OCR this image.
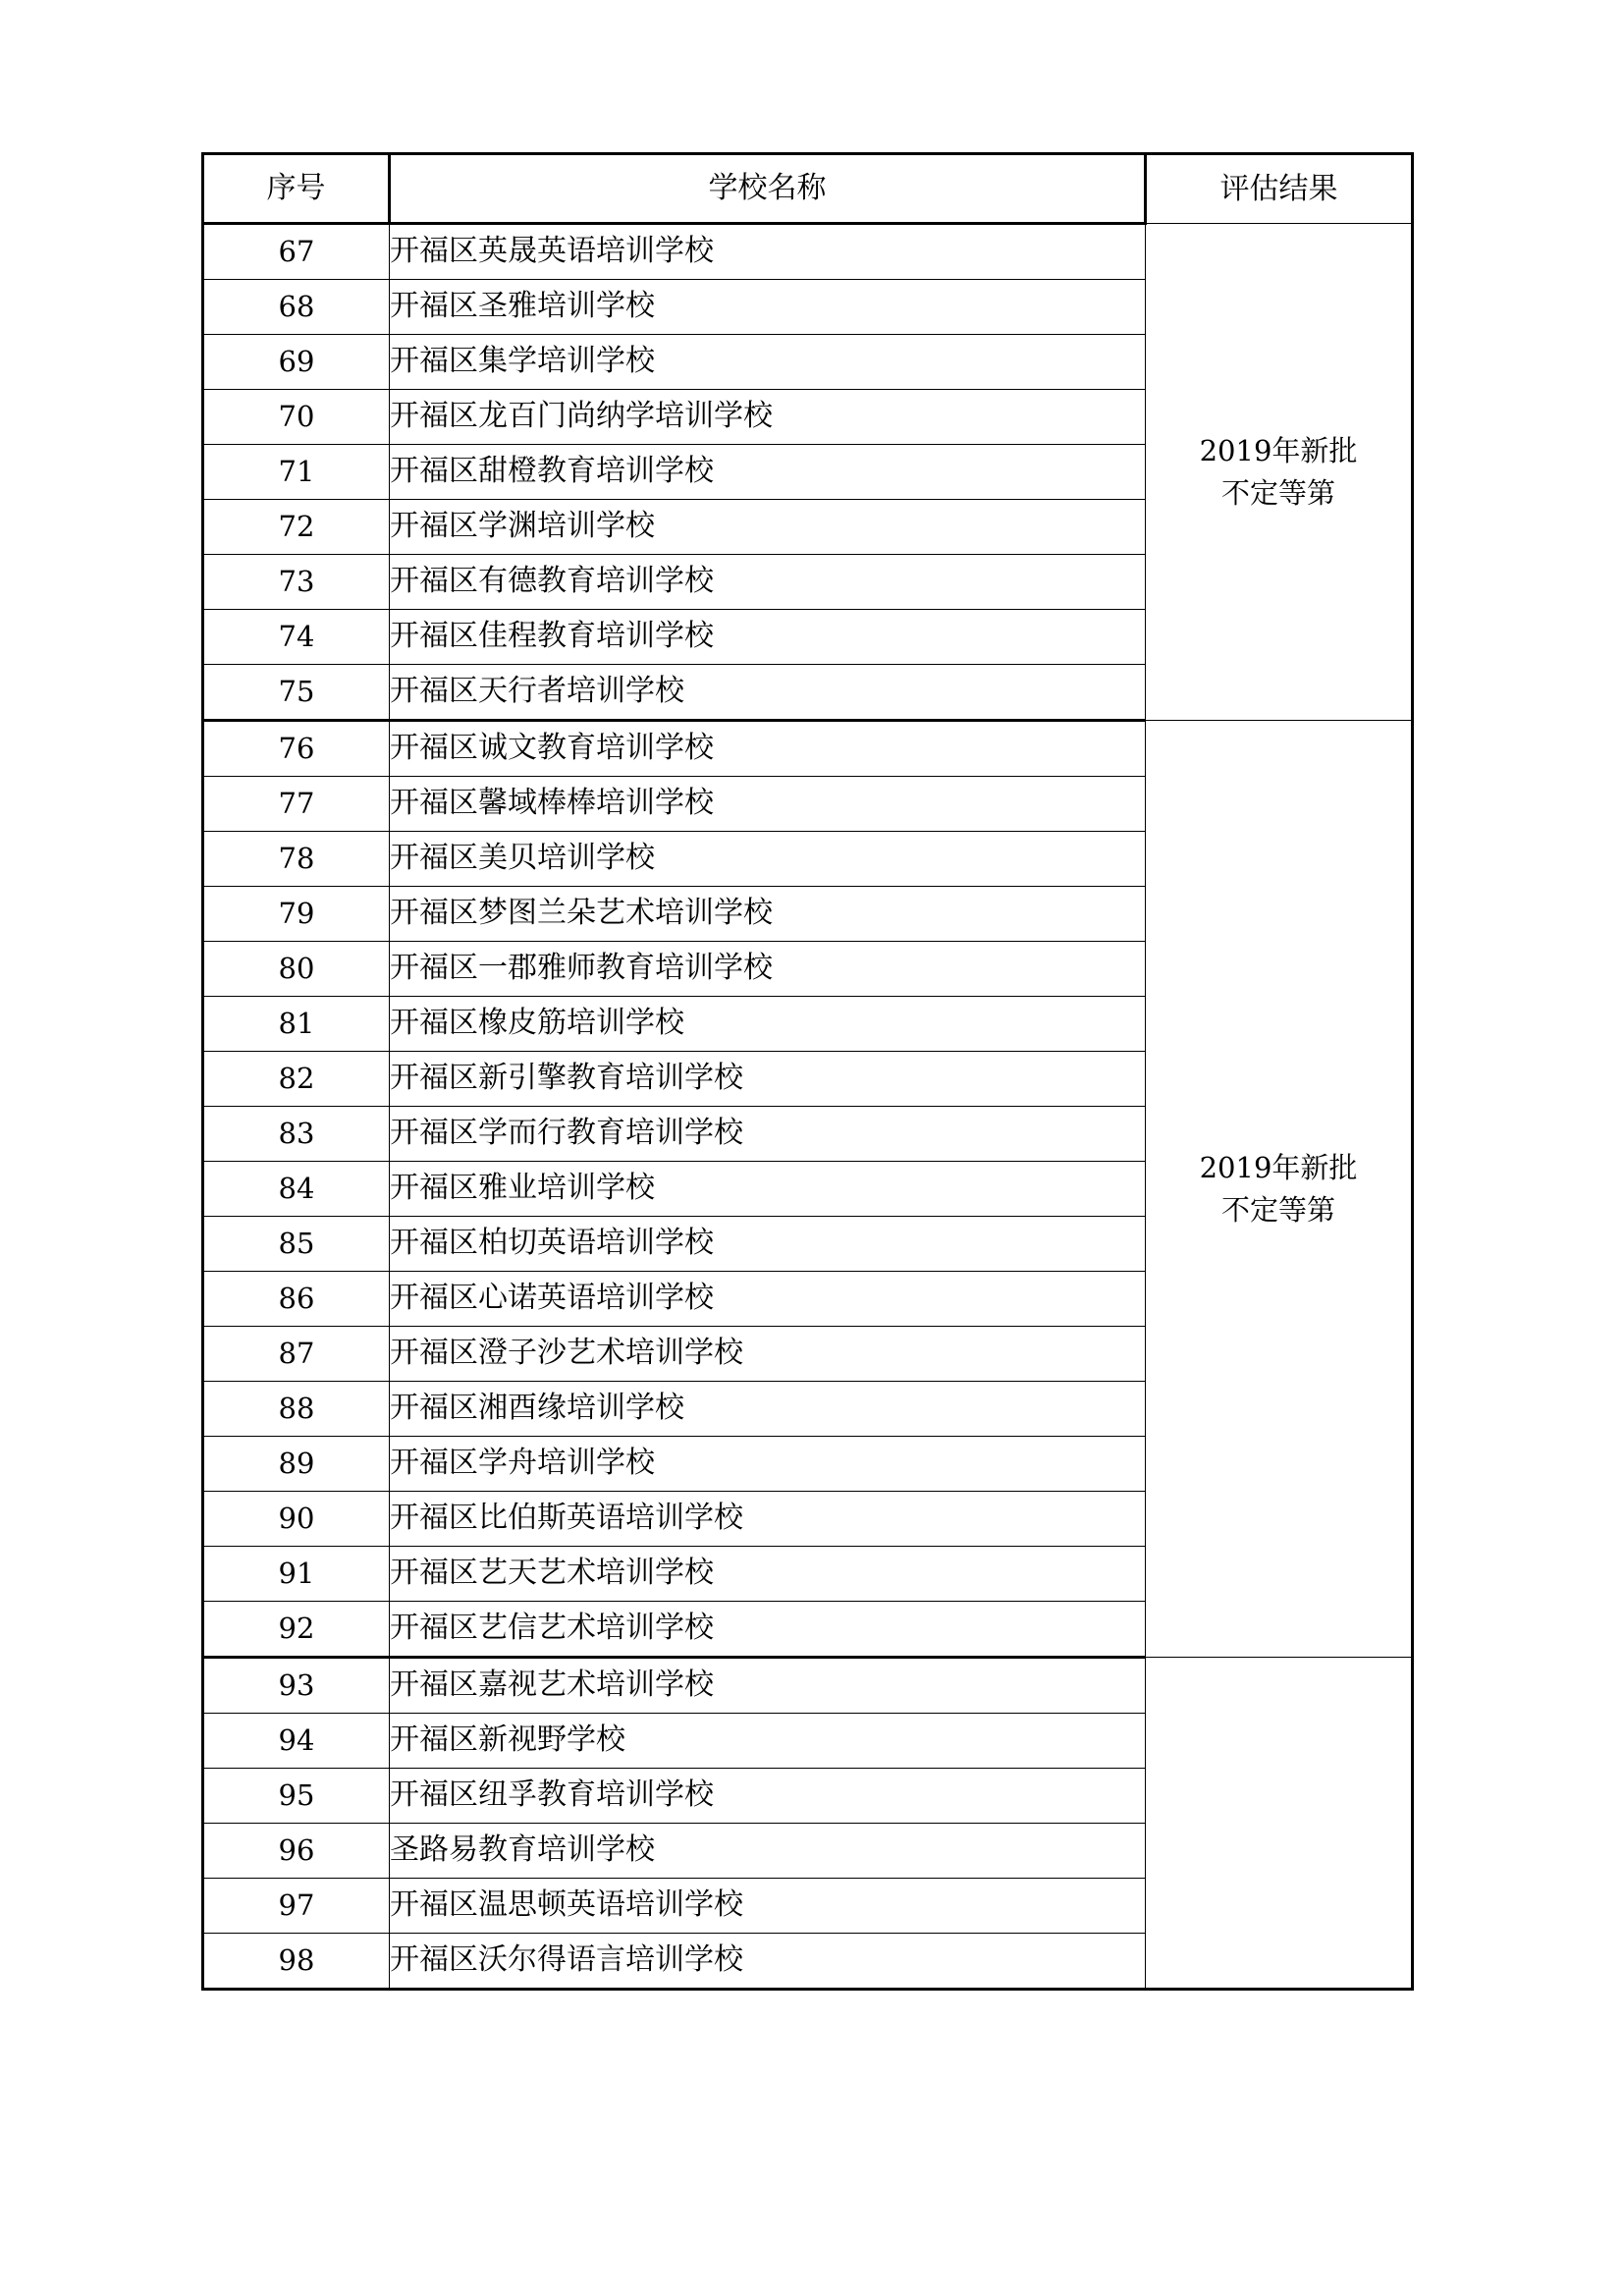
序号	学校名称	评估结果
67	开福区英晟英语培训学校	2019年新批
不定等第

68	开福区圣雅培训学校	
69	开福区集学培训学校	
70	开福区龙百门尚纳学培训学校	
71	开福区甜橙教育培训学校	
72	开福区学渊培训学校	
73	开福区有德教育培训学校	
74	开福区佳程教育培训学校	
75	开福区天行者培训学校	
76	开福区诚文教育培训学校	2019年新批
不定等第

77	开福区馨域棒棒培训学校	
78	开福区美贝培训学校	
79	开福区梦图兰朵艺术培训学校	
80	开福区一郡雅师教育培训学校	
81	开福区橡皮筋培训学校	
82	开福区新引擎教育培训学校	
83	开福区学而行教育培训学校	
84	开福区雅业培训学校	
85	开福区柏切英语培训学校	
86	开福区心诺英语培训学校	
87	开福区澄子沙艺术培训学校	
88	开福区湘酉缘培训学校	
89	开福区学舟培训学校	
90	开福区比伯斯英语培训学校	
91	开福区艺天艺术培训学校	
92	开福区艺信艺术培训学校	
93	开福区嘉视艺术培训学校	

94	开福区新视野学校	
95	开福区纽孚教育培训学校	
96	圣路易教育培训学校	
97	开福区温思顿英语培训学校	
98	开福区沃尔得语言培训学校	
